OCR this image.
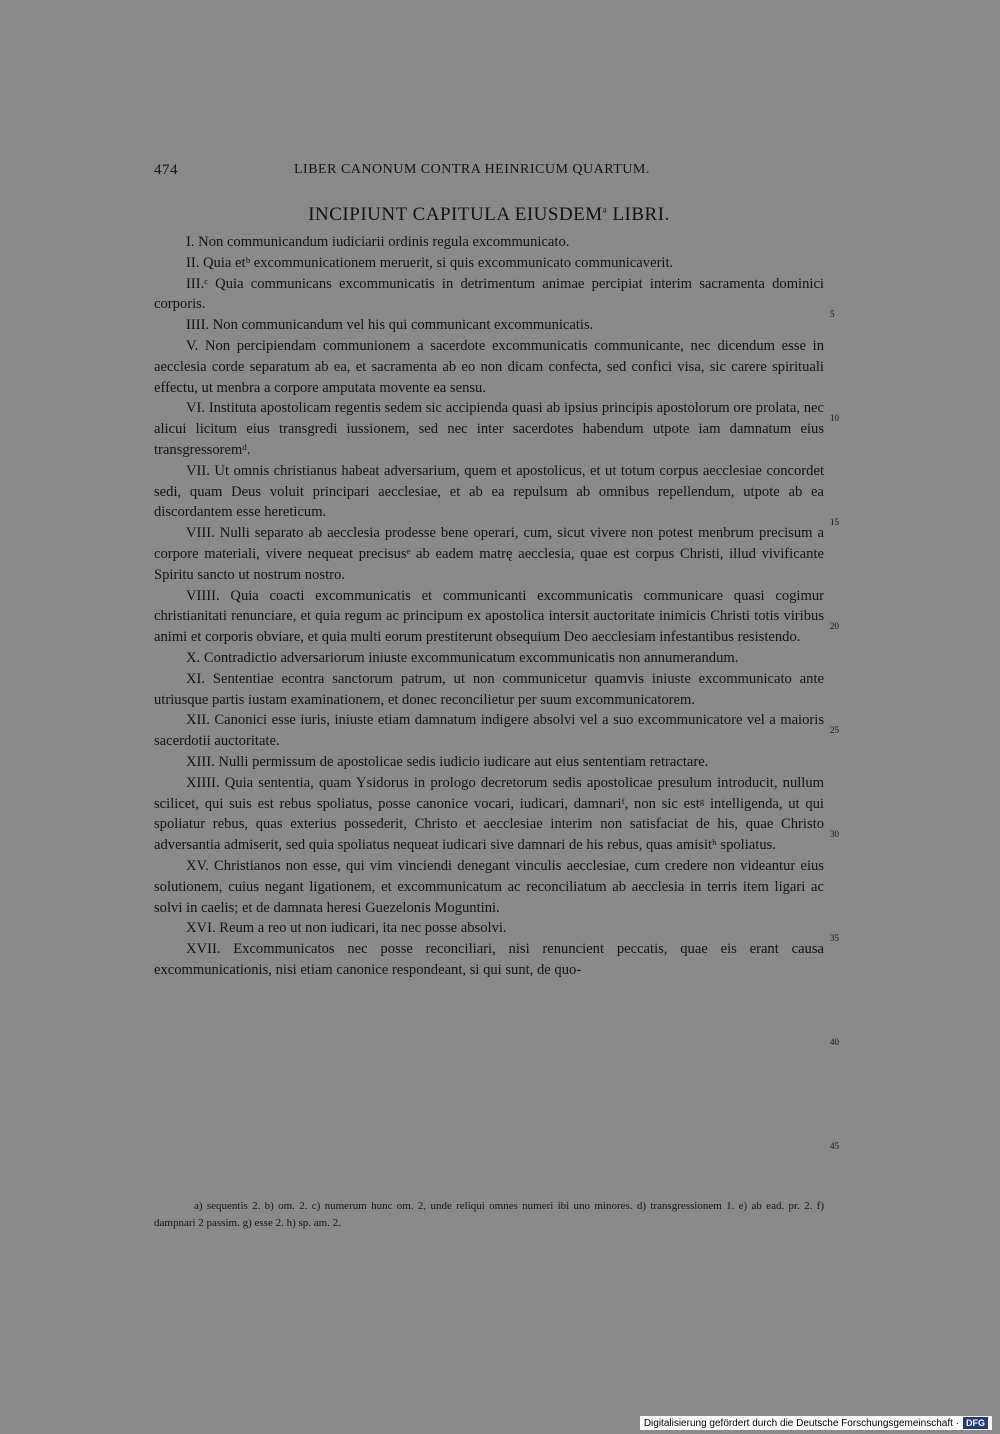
474	LIBER CANONUM CONTRA HEINRICUM QUARTUM.
INCIPIUNT CAPITULA EIUSDEM$^a$ LIBRI.

I. Non communicandum iudiciarii ordinis regula excommunicato.

II. Quia etᵇ excommunicationem meruerit, si quis excommunicato communicaverit.

III.ᶜ Quia communicans excommunicatis in detrimentum animae percipiat interim sacramenta dominici corporis.

IIII. Non communicandum vel his qui communicant excommunicatis.

V. Non percipiendam communionem a sacerdote excommunicatis communicante, nec dicendum esse in aecclesia corde separatum ab ea, et sacramenta ab eo non dicam confecta, sed confici visa, sic carere spirituali effectu, ut menbra a corpore amputata movente ea sensu.

VI. Instituta apostolicam regentis sedem sic accipienda quasi ab ipsius principis apostolorum ore prolata, nec alicui licitum eius transgredi iussionem, sed nec inter sacerdotes habendum utpote iam damnatum eius transgressoremᵈ.

VII. Ut omnis christianus habeat adversarium, quem et apostolicus, et ut totum corpus aecclesiae concordet sedi, quam Deus voluit principari aecclesiae, et ab ea repulsum ab omnibus repellendum, utpote ab ea discordantem esse hereticum.

VIII. Nulli separato ab aecclesia prodesse bene operari, cum, sicut vivere non potest menbrum precisum a corpore materiali, vivere nequeat precisusᵉ ab eadem matrę aecclesia, quae est corpus Christi, illud vivificante Spiritu sancto ut nostrum nostro.

VIIII. Quia coacti excommunicatis et communicanti excommunicatis communicare quasi cogimur christianitati renunciare, et quia regum ac principum ex apostolica intersit auctoritate inimicis Christi totis viribus animi et corporis obviare, et quia multi eorum prestiterunt obsequium Deo aecclesiam infestantibus resistendo.

X. Contradictio adversariorum iniuste excommunicatum excommunicatis non annumerandum.

XI. Sententiae econtra sanctorum patrum, ut non communicetur quamvis iniuste excommunicato ante utriusque partis iustam examinationem, et donec reconcilietur per suum excommunicatorem.

XII. Canonici esse iuris, iniuste etiam damnatum indigere absolvi vel a suo excommunicatore vel a maioris sacerdotii auctoritate.

XIII. Nulli permissum de apostolicae sedis iudicio iudicare aut eius sententiam retractare.

XIIII. Quia sententia, quam Ysidorus in prologo decretorum sedis apostolicae presulum introducit, nullum scilicet, qui suis est rebus spoliatus, posse canonice vocari, iudicari, damnariᶠ, non sic estᵍ intelligenda, ut qui spoliatur rebus, quas exterius possederit, Christo et aecclesiae interim non satisfaciat de his, quae Christo adversantia admiserit, sed quia spoliatus nequeat iudicari sive damnari de his rebus, quas amisitʰ spoliatus.

XV. Christianos non esse, qui vim vinciendi denegant vinculis aecclesiae, cum credere non videantur eius solutionem, cuius negant ligationem, et excommunicatum ac reconciliatum ab aecclesia in terris item ligari ac solvi in caelis; et de damnata heresi Guezelonis Moguntini.

XVI. Reum a reo ut non iudicari, ita nec posse absolvi.

XVII. Excommunicatos nec posse reconciliari, nisi renuncient peccatis, quae eis erant causa excommunicationis, nisi etiam canonice respondeant, si qui sunt, de quo-

5
10
15
20
25
30
35
40
45
a) sequentis 2. b) om. 2. c) numerum hunc om. 2, unde reliqui omnes numeri ibi uno minores. d) transgressionem 1. e) ab ead. pr. 2. f) dampnari 2 passim. g) esse 2. h) sp. am. 2.
Digitalisierung gefördert durch die Deutsche Forschungsgemeinschaft · DFG
